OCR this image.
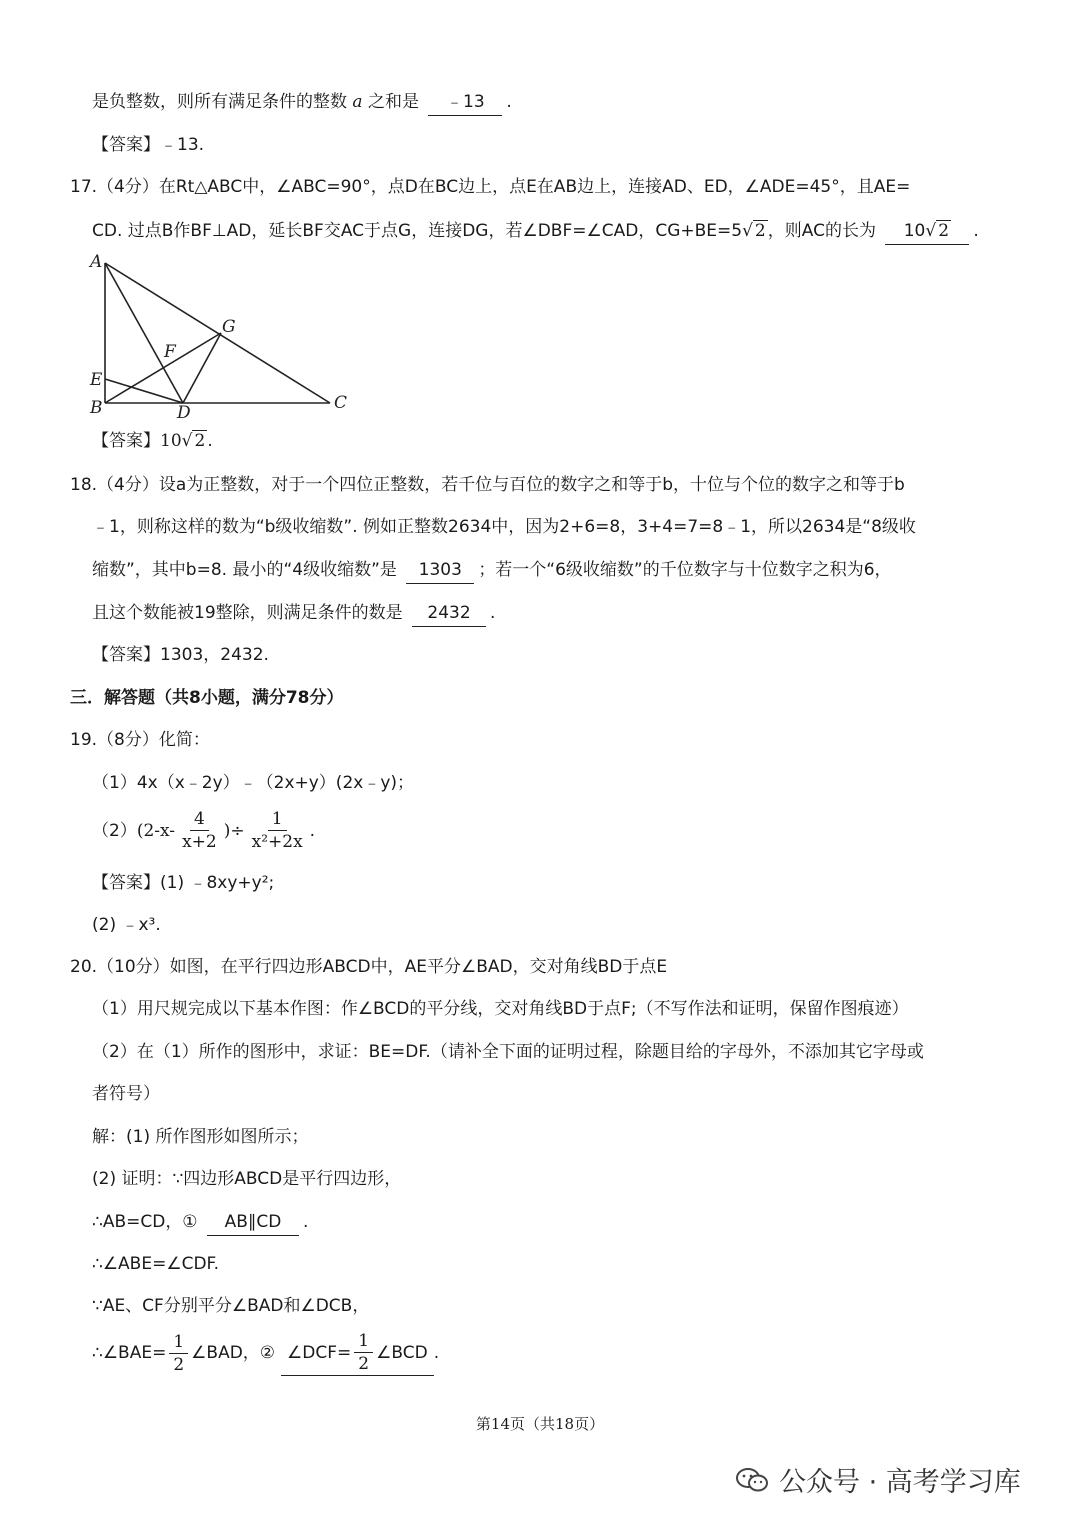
是负整数，则所有满足条件的整数 a 之和是 ﹣13 .
【答案】﹣13.
17.（4分）在Rt△ABC中，∠ABC=90°，点D在BC边上，点E在AB边上，连接AD、ED，∠ADE=45°，且AE=
CD. 过点B作BF⊥AD，延长BF交AC于点G，连接DG，若∠DBF=∠CAD，CG+BE=5√ 2 ，则AC的长为 10√ 2 .
A
B	C
D
E
F
G
【答案】10√ 2 .
18.（4分）设a为正整数，对于一个四位正整数，若千位与百位的数字之和等于b，十位与个位的数字之和等于b
﹣1，则称这样的数为“b级收缩数”. 例如正整数2634中，因为2+6=8，3+4=7=8﹣1，所以2634是“8级收
缩数”，其中b=8. 最小的“4级收缩数”是 1303 ；若一个“6级收缩数”的千位数字与十位数字之积为6，
且这个数能被19整除，则满足条件的数是 2432 .
【答案】1303，2432.
三．解答题（共8小题，满分78分）
19.（8分）化简：
（1）4x（x﹣2y）﹣（2x+y）(2x﹣y)；
（2） ($2-x- \frac{4}{x+2}$ )÷ $\frac{1}{\text{x²+2x}}$ .
【答案】(1) ﹣8xy+y²;
(2) ﹣x³.
20.（10分）如图，在平行四边形ABCD中，AE平分∠BAD，交对角线BD于点E
（1）用尺规完成以下基本作图：作∠BCD的平分线，交对角线BD于点F;（不写作法和证明，保留作图痕迹）
（2）在（1）所作的图形中，求证：BE=DF.（请补全下面的证明过程，除题目给的字母外，不添加其它字母或
者符号）
解：(1) 所作图形如图所示；
(2) 证明：∵四边形ABCD是平行四边形，
∴AB=CD，① AB∥CD .
∴∠ABE=∠CDF.
∵AE、CF分别平分∠BAD和∠DCB，
∴∠BAE= $\frac{1}{2}$ ∠BAD，② ∠DCF= $\frac{1}{2}$ ∠BCD .
第14页（共18页）
公众号 · 高考学习库
